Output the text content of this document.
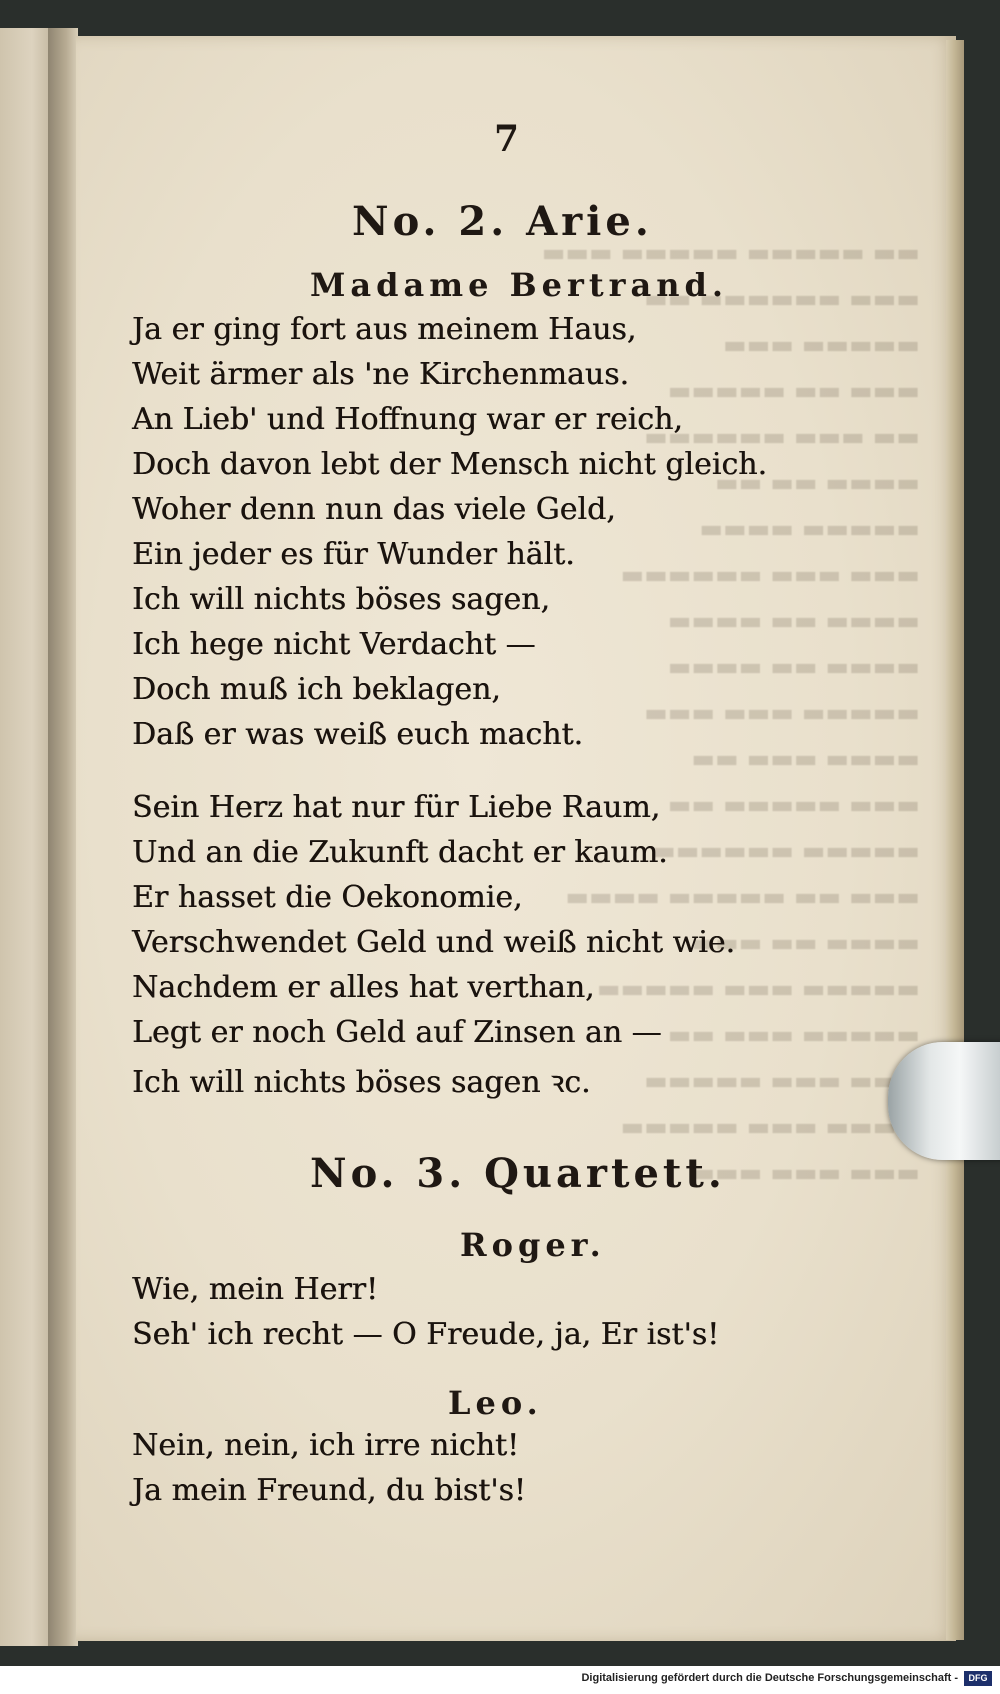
7
No. 2. Arie.
Madame Bertrand.
Ja er ging fort aus meinem Haus,
Weit ärmer als 'ne Kirchenmaus.
An Lieb' und Hoffnung war er reich,
Doch davon lebt der Mensch nicht gleich.
Woher denn nun das viele Geld,
Ein jeder es für Wunder hält.
Ich will nichts böses sagen,
Ich hege nicht Verdacht —
Doch muß ich beklagen,
Daß er was weiß euch macht.
Sein Herz hat nur für Liebe Raum,
Und an die Zukunft dacht er kaum.
Er hasset die Oekonomie,
Verschwendet Geld und weiß nicht wie.
Nachdem er alles hat verthan,
Legt er noch Geld auf Zinsen an —
Ich will nichts böses sagen ꝛc.
No. 3. Quartett.
Roger.
Wie, mein Herr!
Seh' ich recht — O Freude, ja, Er ist's!
Leo.
Nein, nein, ich irre nicht!
Ja mein Freund, du bist's!
Digitalisierung gefördert durch die Deutsche Forschungsgemeinschaft -	DFG
